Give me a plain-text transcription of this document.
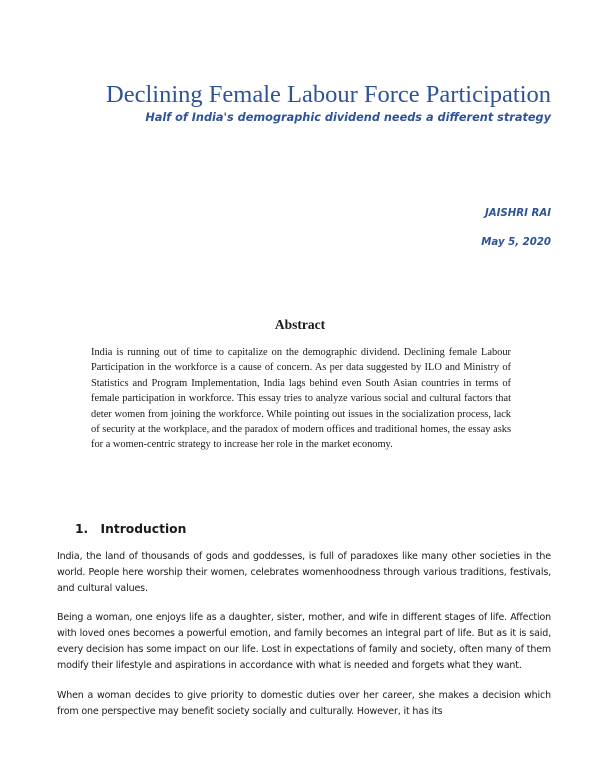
Declining Female Labour Force Participation
Half of India's demographic dividend needs a different strategy
JAISHRI RAI
May 5, 2020
Abstract

India is running out of time to capitalize on the demographic dividend. Declining female Labour Participation in the workforce is a cause of concern. As per data suggested by ILO and Ministry of Statistics and Program Implementation, India lags behind even South Asian countries in terms of female participation in workforce. This essay tries to analyze various social and cultural factors that deter women from joining the workforce. While pointing out issues in the socialization process, lack of security at the workplace, and the paradox of modern offices and traditional homes, the essay asks for a women-centric strategy to increase her role in the market economy.

1. Introduction

India, the land of thousands of gods and goddesses, is full of paradoxes like many other societies in the world. People here worship their women, celebrates womenhoodness through various traditions, festivals, and cultural values.

Being a woman, one enjoys life as a daughter, sister, mother, and wife in different stages of life. Affection with loved ones becomes a powerful emotion, and family becomes an integral part of life. But as it is said, every decision has some impact on our life. Lost in expectations of family and society, often many of them modify their lifestyle and aspirations in accordance with what is needed and forgets what they want.

When a woman decides to give priority to domestic duties over her career, she makes a decision which from one perspective may benefit society socially and culturally. However, it has its
